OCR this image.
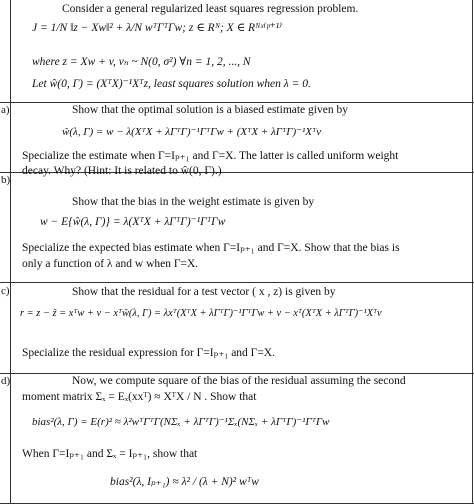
Consider a general regularized least squares regression problem.
J = 1/N ‖z − Xw‖² + λ/N wᵀΓᵀΓw; z ∈ Rᴺ; X ∈ Rᴺˣ⁽ᵖ⁺¹⁾
where z = Xw + v, vₙ ~ N(0, σ²) ∀n = 1, 2, ..., N
Let ŵ(0, Γ) = (XᵀX)⁻¹Xᵀz, least squares solution when λ = 0.
a)	Show that the optimal solution is a biased estimate given by
ŵ(λ, Γ) = w − λ(XᵀX + λΓᵀΓ)⁻¹ΓᵀΓw + (XᵀX + λΓᵀΓ)⁻¹Xᵀv
Specialize the estimate when Γ=Iₚ₊₁ and Γ=X. The latter is called uniform weight
decay. Why? (Hint: It is related to ŵ(0, Γ).)
b)
Show that the bias in the weight estimate is given by
w − E{ŵ(λ, Γ)} = λ(XᵀX + λΓᵀΓ)⁻¹ΓᵀΓw
Specialize the expected bias estimate when Γ=Iₚ₊₁ and Γ=X. Show that the bias is
only a function of λ and w when Γ=X.
c)	Show that the residual for a test vector ( x , z) is given by
r = z − ẑ = xᵀw + v − xᵀŵ(λ, Γ) = λxᵀ(XᵀX + λΓᵀΓ)⁻¹ΓᵀΓw + v − xᵀ(XᵀX + λΓᵀΓ)⁻¹Xᵀv
Specialize the residual expression for Γ=Iₚ₊₁ and Γ=X.
d)	Now, we compute square of the bias of the residual assuming the second
moment matrix Σₓ = Eₓ(xxᵀ) ≈ XᵀX / N . Show that
bias²(λ, Γ) = E(r)² ≈ λ²wᵀΓᵀΓ(NΣₓ + λΓᵀΓ)⁻¹Σₓ(NΣₓ + λΓᵀΓ)⁻¹ΓᵀΓw
When Γ=Iₚ₊₁ and Σₓ = Iₚ₊₁, show that
bias²(λ, Iₚ₊₁) ≈ λ² / (λ + N)² wᵀw
